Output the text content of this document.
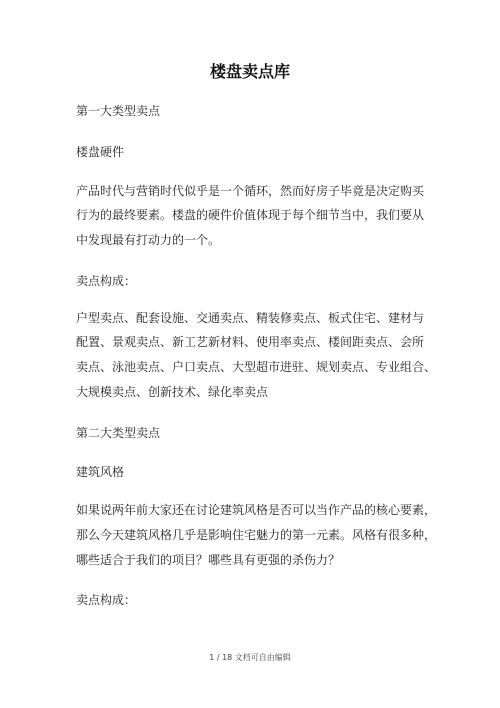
楼盘卖点库

第一大类型卖点

楼盘硬件

产品时代与营销时代似乎是一个循环，然而好房子毕竟是决定购买

行为的最终要素。楼盘的硬件价值体现于每个细节当中，我们要从

中发现最有打动力的一个。

卖点构成：

户型卖点、配套设施、交通卖点、精装修卖点、板式住宅、建材与

配置、景观卖点、新工艺新材料、使用率卖点、楼间距卖点、会所

卖点、泳池卖点、户口卖点、大型超市进驻、规划卖点、专业组合、

大规模卖点、创新技术、绿化率卖点

第二大类型卖点

建筑风格

如果说两年前大家还在讨论建筑风格是否可以当作产品的核心要素，

那么今天建筑风格几乎是影响住宅魅力的第一元素。风格有很多种，

哪些适合于我们的项目？哪些具有更强的杀伤力？

卖点构成：

1 / 18 文档可自由编辑
